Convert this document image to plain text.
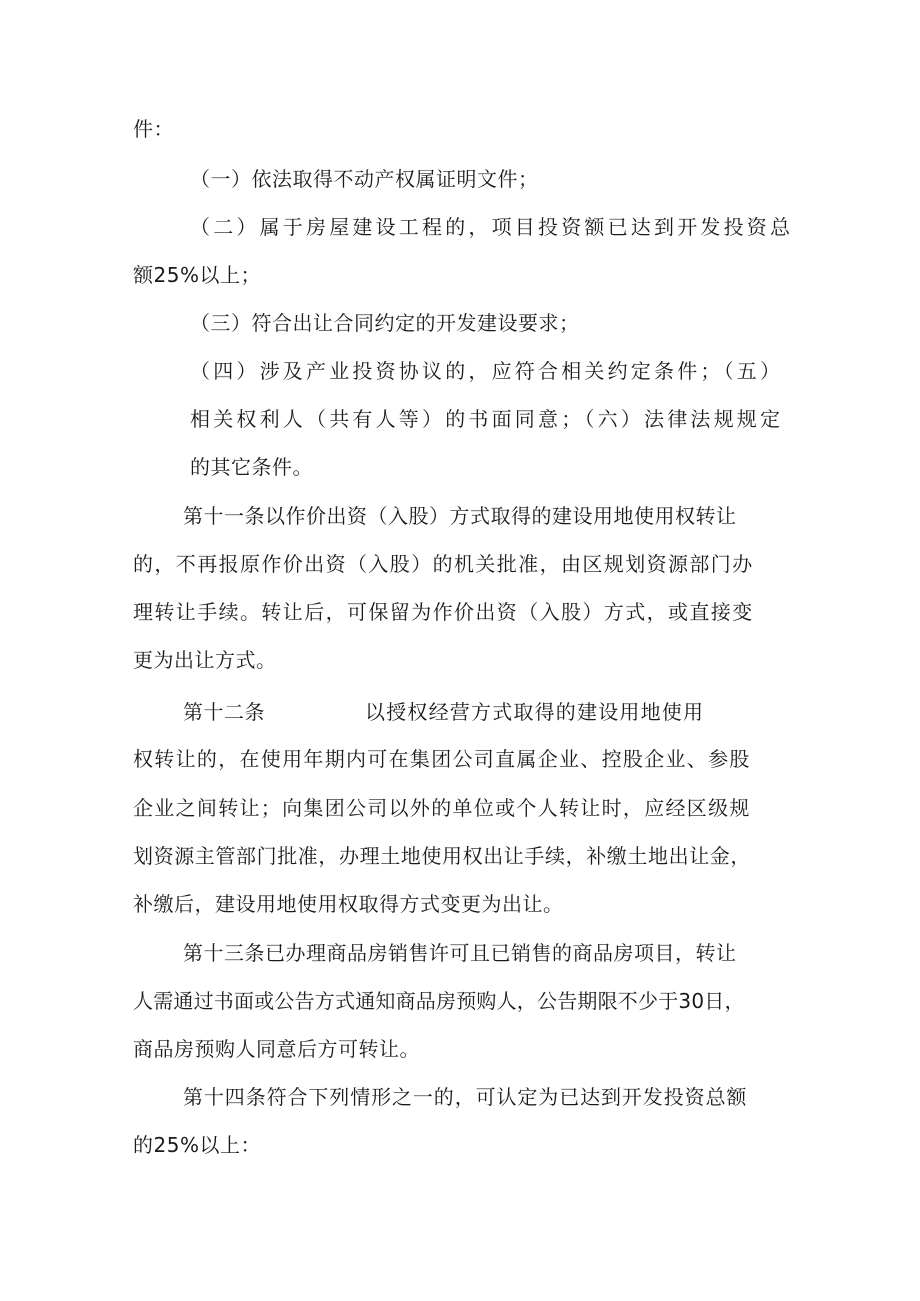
件：
（一）依法取得不动产权属证明文件；
（二）属于房屋建设工程的，项目投资额已达到开发投资总
额25%以上；
（三）符合出让合同约定的开发建设要求；
（四）涉及产业投资协议的，应符合相关约定条件；（五）
相关权利人（共有人等）的书面同意；（六）法律法规规定
的其它条件。
第十一条以作价出资（入股）方式取得的建设用地使用权转让
的，不再报原作价出资（入股）的机关批准，由区规划资源部门办
理转让手续。转让后，可保留为作价出资（入股）方式，或直接变
更为出让方式。
第十二条	以授权经营方式取得的建设用地使用
权转让的，在使用年期内可在集团公司直属企业、控股企业、参股
企业之间转让；向集团公司以外的单位或个人转让时，应经区级规
划资源主管部门批准，办理土地使用权出让手续，补缴土地出让金，
补缴后，建设用地使用权取得方式变更为出让。
第十三条已办理商品房销售许可且已销售的商品房项目，转让
人需通过书面或公告方式通知商品房预购人，公告期限不少于30日，
商品房预购人同意后方可转让。
第十四条符合下列情形之一的，可认定为已达到开发投资总额
的25%以上：
